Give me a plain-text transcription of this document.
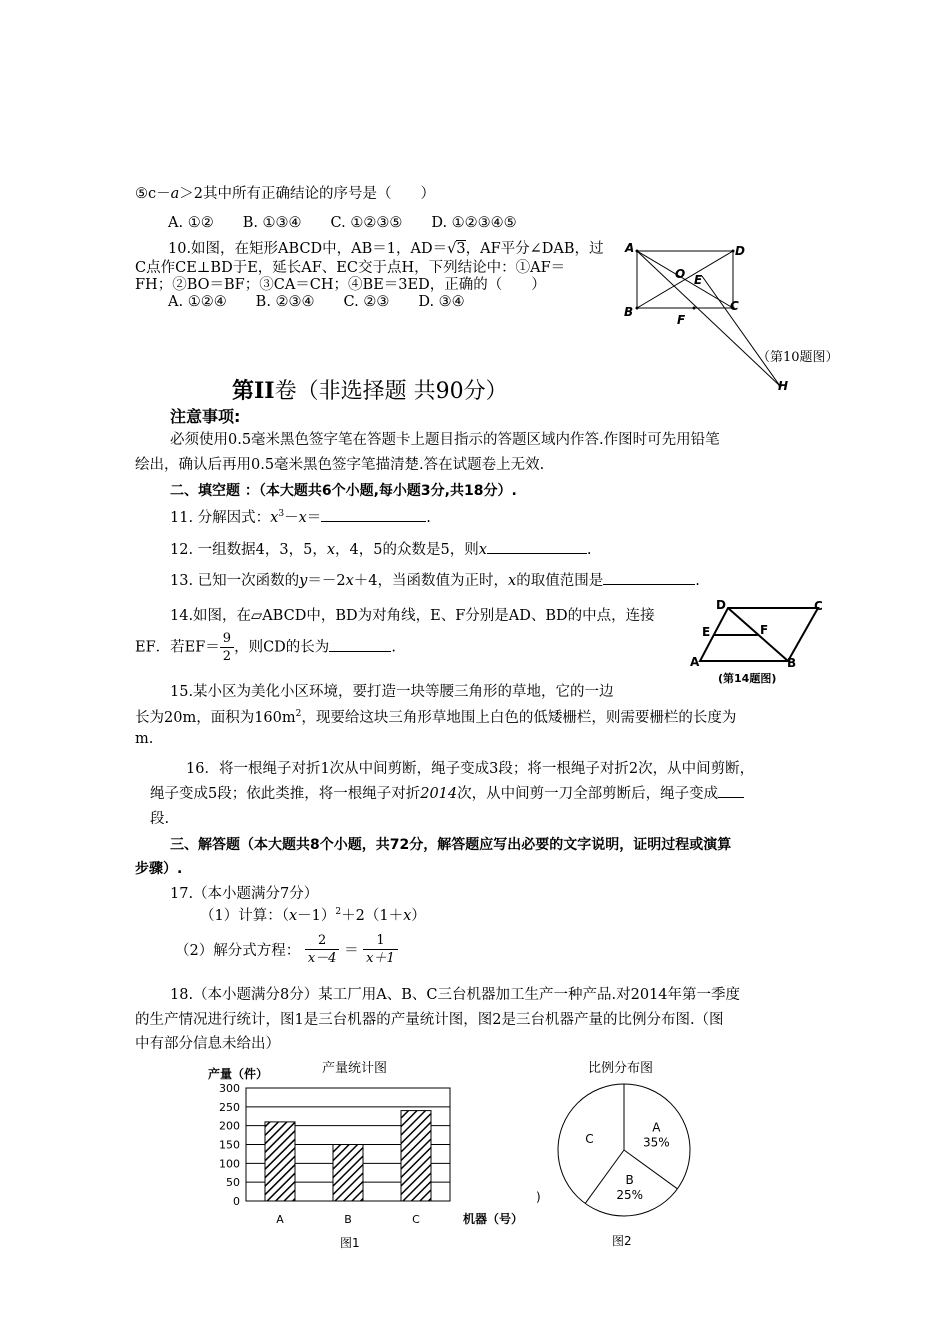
⑤c－a＞2其中所有正确结论的序号是（　　）
A. ①②　　B. ①③④　　C. ①②③⑤　　D. ①②③④⑤
10.如图，在矩形ABCD中，AB＝1，AD＝√3，AF平分∠DAB，过
C点作CE⊥BD于E，延长AF、EC交于点H，下列结论中：①AF＝
FH；②BO＝BF；③CA＝CH；④BE＝3ED，正确的（　　）
A. ①②④　　B. ②③④　　C. ②③　　D. ③④
A	D
B	C
O E
F
H
（第10题图）
第II卷（非选择题 共90分）
注意事项:
必须使用0.5毫米黑色签字笔在答题卡上题目指示的答题区域内作答.作图时可先用铅笔
绘出，确认后再用0.5毫米黑色签字笔描清楚.答在试题卷上无效.
二、填空题 ：（本大题共6个小题,每小题3分,共18分）.
11. 分解因式：$x^3-x=$	.
12. 一组数据4，3，5，x，4，5的众数是5，则x	.
13. 已知一次函数的y＝－2x＋4，当函数值为正时，x的取值范围是	.
14.如图，在▱ABCD中，BD为对角线，E、F分别是AD、BD的中点，连接
EF．若$EF= \frac{9}{2}$ ，则CD的长为	.
D	C
E	F
A	B
(第14题图)
15.某小区为美化小区环境，要打造一块等腰三角形的草地，它的一边
长为20m，面积为$160m^2$，现要给这块三角形草地围上白色的低矮栅栏，则需要栅栏的长度为
m.
16．将一根绳子对折1次从中间剪断，绳子变成3段；将一根绳子对折2次，从中间剪断，
绳子变成5段；依此类推，将一根绳子对折2014次，从中间剪一刀全部剪断后，绳子变成
段.
三、解答题（本大题共8个小题，共72分，解答题应写出必要的文字说明，证明过程或演算
步骤）.
17.（本小题满分7分）
（1）计算：$(x-1)^2+2(1+x)$
（2）解分式方程： $\frac{2}{x-4} = \frac{1}{x+1}$
18.（本小题满分8分）某工厂用A、B、C三台机器加工生产一种产品.对2014年第一季度
的生产情况进行统计，图1是三台机器的产量统计图，图2是三台机器产量的比例分布图.（图
中有部分信息未给出）
产量统计图
产量（件）
机器（号）
)
图1
0
50
100
150
200
250
300
A	B	C
比例分布图
图2
A
35%
B
25%
C
